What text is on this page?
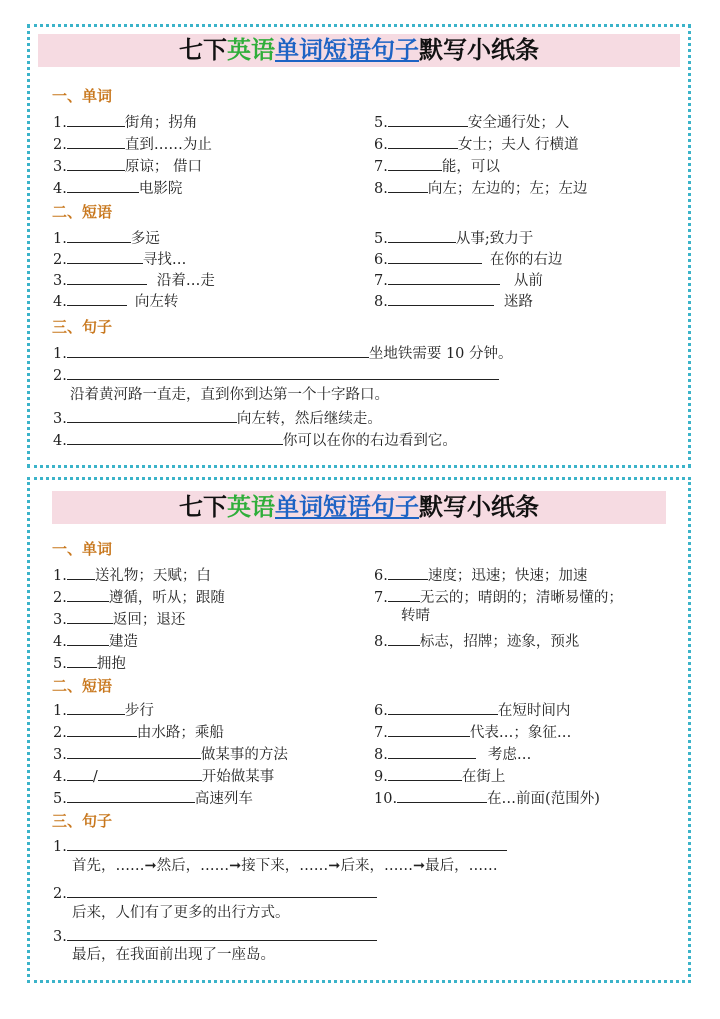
七下英语单词短语句子默写小纸条
一、单词
1.	街角；拐角
2.	直到……为止
3.	原谅； 借口
4.	电影院
5.	安全通行处；人
6.	女士；夫人 行横道
7.	能，可以
8.	向左；左边的；左；左边
二、短语
1.	多远
2.	寻找…
3.	沿着…走
4.	向左转
5.	从事;致力于
6.	在你的右边
7.	从前
8.	迷路
三、句子
1.	坐地铁需要 10 分钟。
2.
沿着黄河路一直走，直到你到达第一个十字路口。
3.	向左转，然后继续走。
4.	你可以在你的右边看到它。
七下英语单词短语句子默写小纸条
一、单词
1. 送礼物；天赋；白
2.	遵循，听从；跟随
3.	返回；退还
4.	建造
5. 拥抱
6.	速度；迅速；快速；加速
7. 无云的；晴朗的；清晰易懂的；
转晴
8. 标志，招牌；迹象，预兆
二、短语
1.	步行
2.	由水路；乘船
3.	做某事的方法
4. /	开始做某事
5.	高速列车
6.	在短时间内
7.	代表…；象征…
8.	考虑…
9.	在街上
10.	在…前面(范围外)
三、句子
1.
首先，……➞然后，……➞接下来，……➞后来，……➞最后，……
2.
后来，人们有了更多的出行方式。
3.
最后，在我面前出现了一座岛。
